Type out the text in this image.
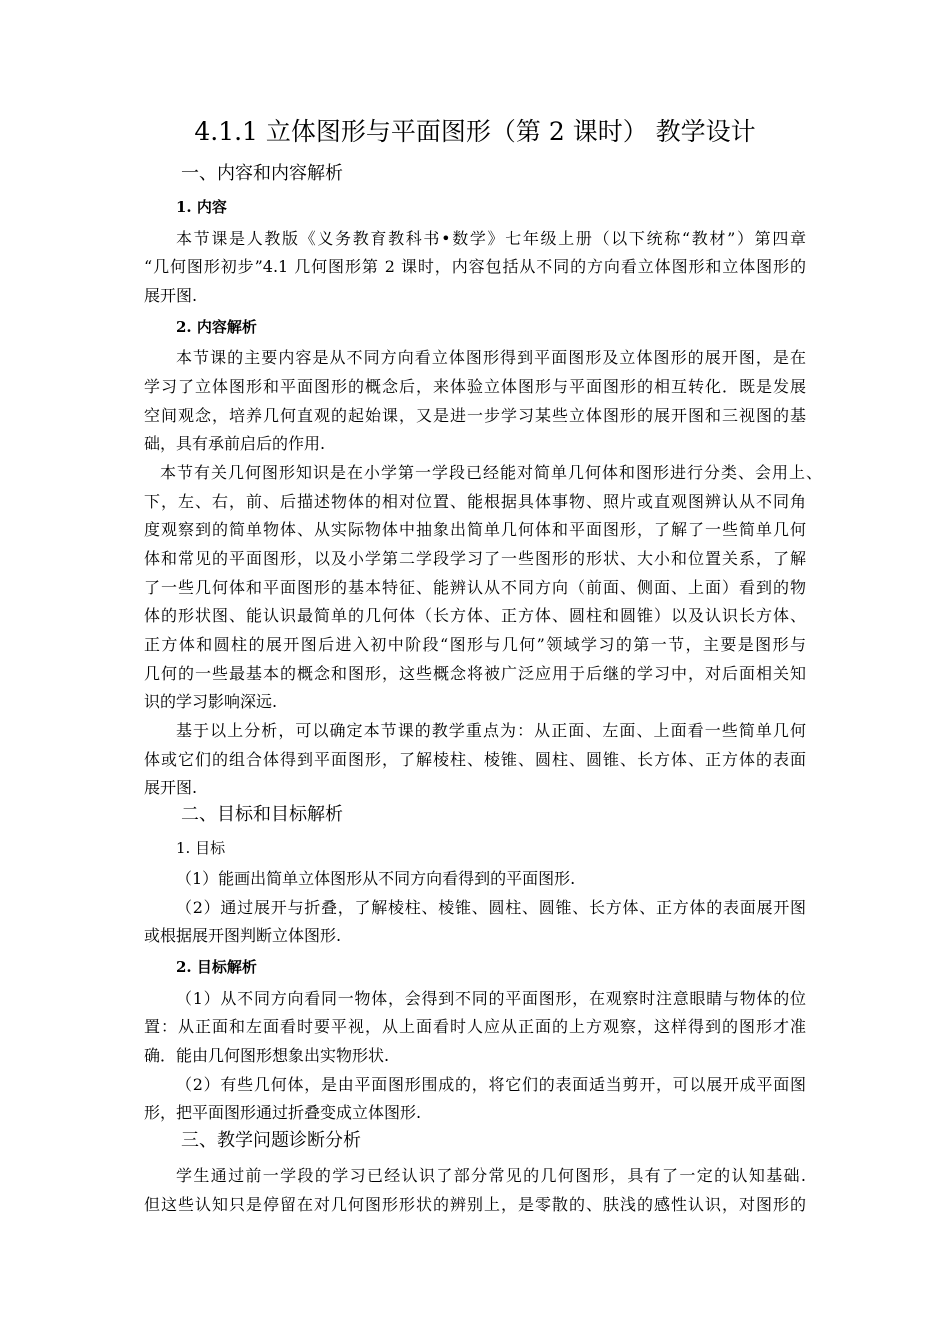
4.1.1 立体图形与平面图形（第 2 课时） 教学设计
一、内容和内容解析
1. 内容

本节课是人教版《义务教育教科书•数学》七年级上册（以下统称“教材”）第四章

“几何图形初步”4.1 几何图形第 2 课时，内容包括从不同的方向看立体图形和立体图形的

展开图.

2. 内容解析

本节课的主要内容是从不同方向看立体图形得到平面图形及立体图形的展开图，是在

学习了立体图形和平面图形的概念后，来体验立体图形与平面图形的相互转化．既是发展

空间观念，培养几何直观的起始课，又是进一步学习某些立体图形的展开图和三视图的基

础，具有承前启后的作用.

本节有关几何图形知识是在小学第一学段已经能对简单几何体和图形进行分类、会用上、

下，左、右，前、后描述物体的相对位置、能根据具体事物、照片或直观图辨认从不同角

度观察到的简单物体、从实际物体中抽象出简单几何体和平面图形，了解了一些简单几何

体和常见的平面图形，以及小学第二学段学习了一些图形的形状、大小和位置关系，了解

了一些几何体和平面图形的基本特征、能辨认从不同方向（前面、侧面、上面）看到的物

体的形状图、能认识最简单的几何体（长方体、正方体、圆柱和圆锥）以及认识长方体、

正方体和圆柱的展开图后进入初中阶段“图形与几何”领域学习的第一节，主要是图形与

几何的一些最基本的概念和图形，这些概念将被广泛应用于后继的学习中，对后面相关知

识的学习影响深远.

基于以上分析，可以确定本节课的教学重点为：从正面、左面、上面看一些简单几何

体或它们的组合体得到平面图形，了解棱柱、棱锥、圆柱、圆锥、长方体、正方体的表面

展开图.

二、目标和目标解析
1. 目标

（1）能画出简单立体图形从不同方向看得到的平面图形.

（2）通过展开与折叠，了解棱柱、棱锥、圆柱、圆锥、长方体、正方体的表面展开图

或根据展开图判断立体图形.

2. 目标解析

（1）从不同方向看同一物体，会得到不同的平面图形，在观察时注意眼睛与物体的位

置：从正面和左面看时要平视，从上面看时人应从正面的上方观察，这样得到的图形才准

确．能由几何图形想象出实物形状.

（2）有些几何体，是由平面图形围成的，将它们的表面适当剪开，可以展开成平面图

形，把平面图形通过折叠变成立体图形.

三、教学问题诊断分析

学生通过前一学段的学习已经认识了部分常见的几何图形，具有了一定的认知基础.

但这些认知只是停留在对几何图形形状的辨别上，是零散的、肤浅的感性认识，对图形的
